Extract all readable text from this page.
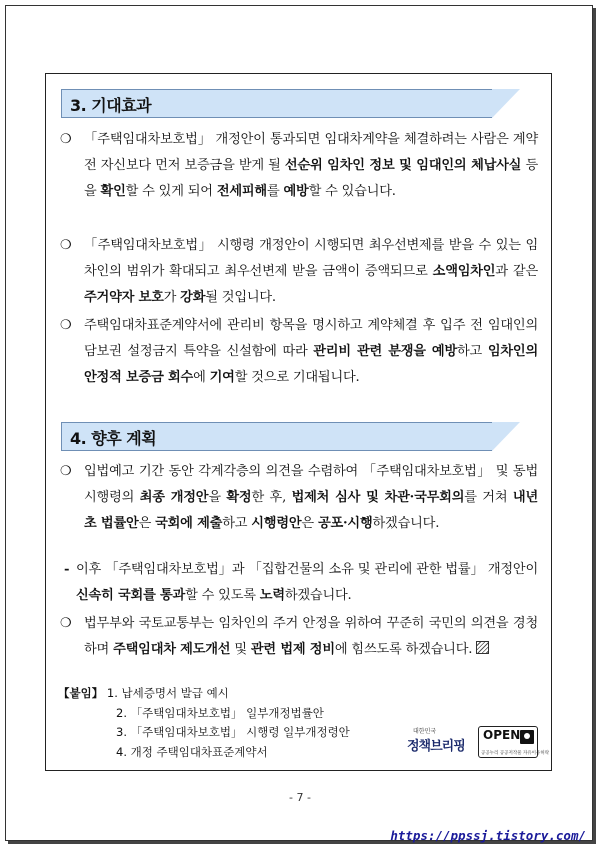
3. 기대효과
❍ 「주택임대차보호법」 개정안이 통과되면 임대차계약을 체결하려는 사람은 계약 전 자신보다 먼저 보증금을 받게 될 선순위 임차인 정보 및 임대인의 체납사실 등을 확인할 수 있게 되어 전세피해를 예방할 수 있습니다.
❍ 「주택임대차보호법」 시행령 개정안이 시행되면 최우선변제를 받을 수 있는 임차인의 범위가 확대되고 최우선변제 받을 금액이 증액되므로 소액임차인과 같은 주거약자 보호가 강화될 것입니다.
❍ 주택임대차표준계약서에 관리비 항목을 명시하고 계약체결 후 입주 전 임대인의 담보권 설정금지 특약을 신설함에 따라 관리비 관련 분쟁을 예방하고 임차인의 안정적 보증금 회수에 기여할 것으로 기대됩니다.
4. 향후 계획
❍ 입법예고 기간 동안 각계각층의 의견을 수렴하여 「주택임대차보호법」 및 동법 시행령의 최종 개정안을 확정한 후, 법제처 심사 및 차관·국무회의를 거쳐 내년 초 법률안은 국회에 제출하고 시행령안은 공포·시행하겠습니다.
- 이후 「주택임대차보호법」과 「집합건물의 소유 및 관리에 관한 법률」 개정안이 신속히 국회를 통과할 수 있도록 노력하겠습니다.
❍ 법무부와 국토교통부는 임차인의 주거 안정을 위하여 꾸준히 국민의 의견을 경청하며 주택임대차 제도개선 및 관련 법제 정비에 힘쓰도록 하겠습니다.
【붙임】 1. 납세증명서 발급 예시
2. 「주택임대차보호법」 일부개정법률안
3. 「주택임대차보호법」 시행령 일부개정령안
4. 개정 주택임대차표준계약서
대한민국
정책브리핑
OPEN
공공누리 공공저작물 자유이용허락
- 7 -
https://ppssj.tistory.com/
